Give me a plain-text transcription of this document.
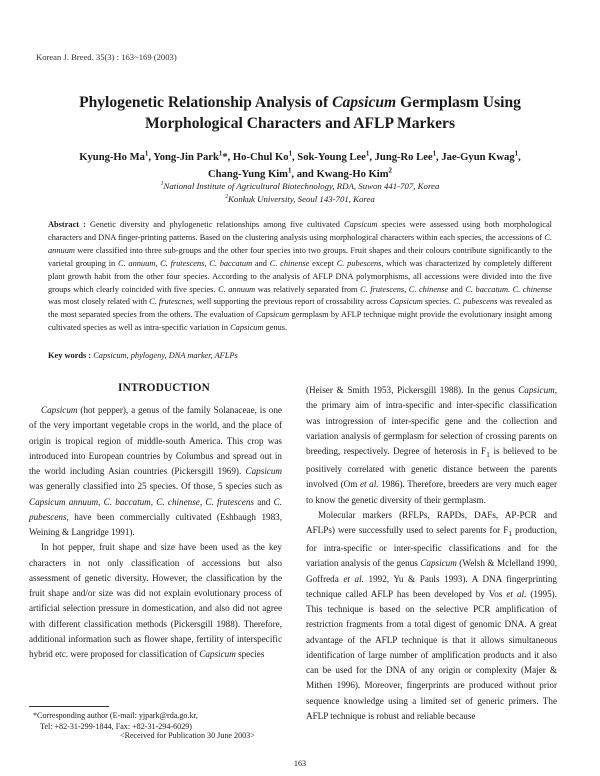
Korean J. Breed. 35(3) : 163~169 (2003)
Phylogenetic Relationship Analysis of Capsicum Germplasm Using
Morphological Characters and AFLP Markers
Kyung-Ho Ma$^1$, Yong-Jin Park$^1$*, Ho-Chul Ko$^1$, Sok-Young Lee$^1$, Jung-Ro Lee$^1$, Jae-Gyun Kwag$^1$,
Chang-Yung Kim$^1$, and Kwang-Ho Kim$^2$
$^1$National Institute of Agricultural Biotechnology, RDA, Suwon 441-707, Korea
$^2$Konkuk University, Seoul 143-701, Korea
Abstract : Genetic diversity and phylogenetic relationships among five cultivated Capsicum species were assessed using both morphological characters and DNA finger-printing patterns. Based on the clustering analysis using morphological characters within each species, the accessions of C. annuum were classified into three sub-groups and the other four species into two groups. Fruit shapes and their colours contribute significantly to the varietal grouping in C. annuum, C. frutescens, C. baccatum and C. chinense except C. pubescens, which was characterized by completely different plant growth habit from the other four species. According to the analysis of AFLP DNA polymorphisms, all accessions were divided into the five groups which clearly coincided with five species. C. annuum was relatively separated from C. frutescens, C. chinense and C. baccatum. C. chinense was most closely related with C. frutescnes, well supporting the previous report of crossability across Capsicum species. C. pubescens was revealed as the most separated species from the others. The evaluation of Capsicum germplasm by AFLP technique might provide the evolutionary insight among cultivated species as well as intra-specific variation in Capsicum genus.
Key words : Capsicum, phylogeny, DNA marker, AFLPs
INTRODUCTION

Capsicum (hot pepper), a genus of the family Solanaceae, is one of the very important vegetable crops in the world, and the place of origin is tropical region of middle-south America. This crop was introduced into European countries by Columbus and spread out in the world including Asian countries (Pickersgill 1969). Capsicum was generally classified into 25 species. Of those, 5 species such as Capsicum annuum, C. baccatum, C. chinense, C. frutescens and C. pubescens, have been commercially cultivated (Eshbaugh 1983, Weining & Langridge 1991).

In hot pepper, fruit shape and size have been used as the key characters in not only classification of accessions but also assessment of genetic diversity. However, the classification by the fruit shape and/or size was did not explain evolutionary process of artificial selection pressure in domestication, and also did not agree with different classification methods (Pickersgill 1988). Therefore, additional information such as flower shape, fertility of interspecific hybrid etc. were proposed for classification of Capsicum species

(Heiser & Smith 1953, Pickersgill 1988). In the genus Capsicum, the primary aim of intra-specific and inter-specific classification was introgression of inter-specific gene and the collection and variation analysis of germplasm for selection of crossing parents on breeding, respectively. Degree of heterosis in $F_1$ is believed to be positively correlated with genetic distance between the parents involved (Om et al. 1986). Therefore, breeders are very much eager to know the genetic diversity of their germplasm.

Molecular markers (RFLPs, RAPDs, DAFs, AP-PCR and AFLPs) were successfully used to select parents for $F_1$ production, for intra-specific or inter-specific classifications and for the variation analysis of the genus Capsicum (Welsh & Mclelland 1990, Goffreda et al. 1992, Yu & Pauls 1993). A DNA fingerprinting technique called AFLP has been developed by Vos et al. (1995). This technique is based on the selective PCR amplification of restriction fragments from a total digest of genomic DNA. A great advantage of the AFLP technique is that it allows simultaneous identification of large number of amplification products and it also can be used for the DNA of any origin or complexity (Majer & Mithen 1996). Moreover, fingerprints are produced without prior sequence knowledge using a limited set of generic primers. The AFLP technique is robust and reliable because

*Corresponding author (E-mail: yjpark@rda.go.kr,
Tel: +82-31-299-1844, Fax: +82-31-294-6029)
<Received for Publication 30 June 2003>
163
